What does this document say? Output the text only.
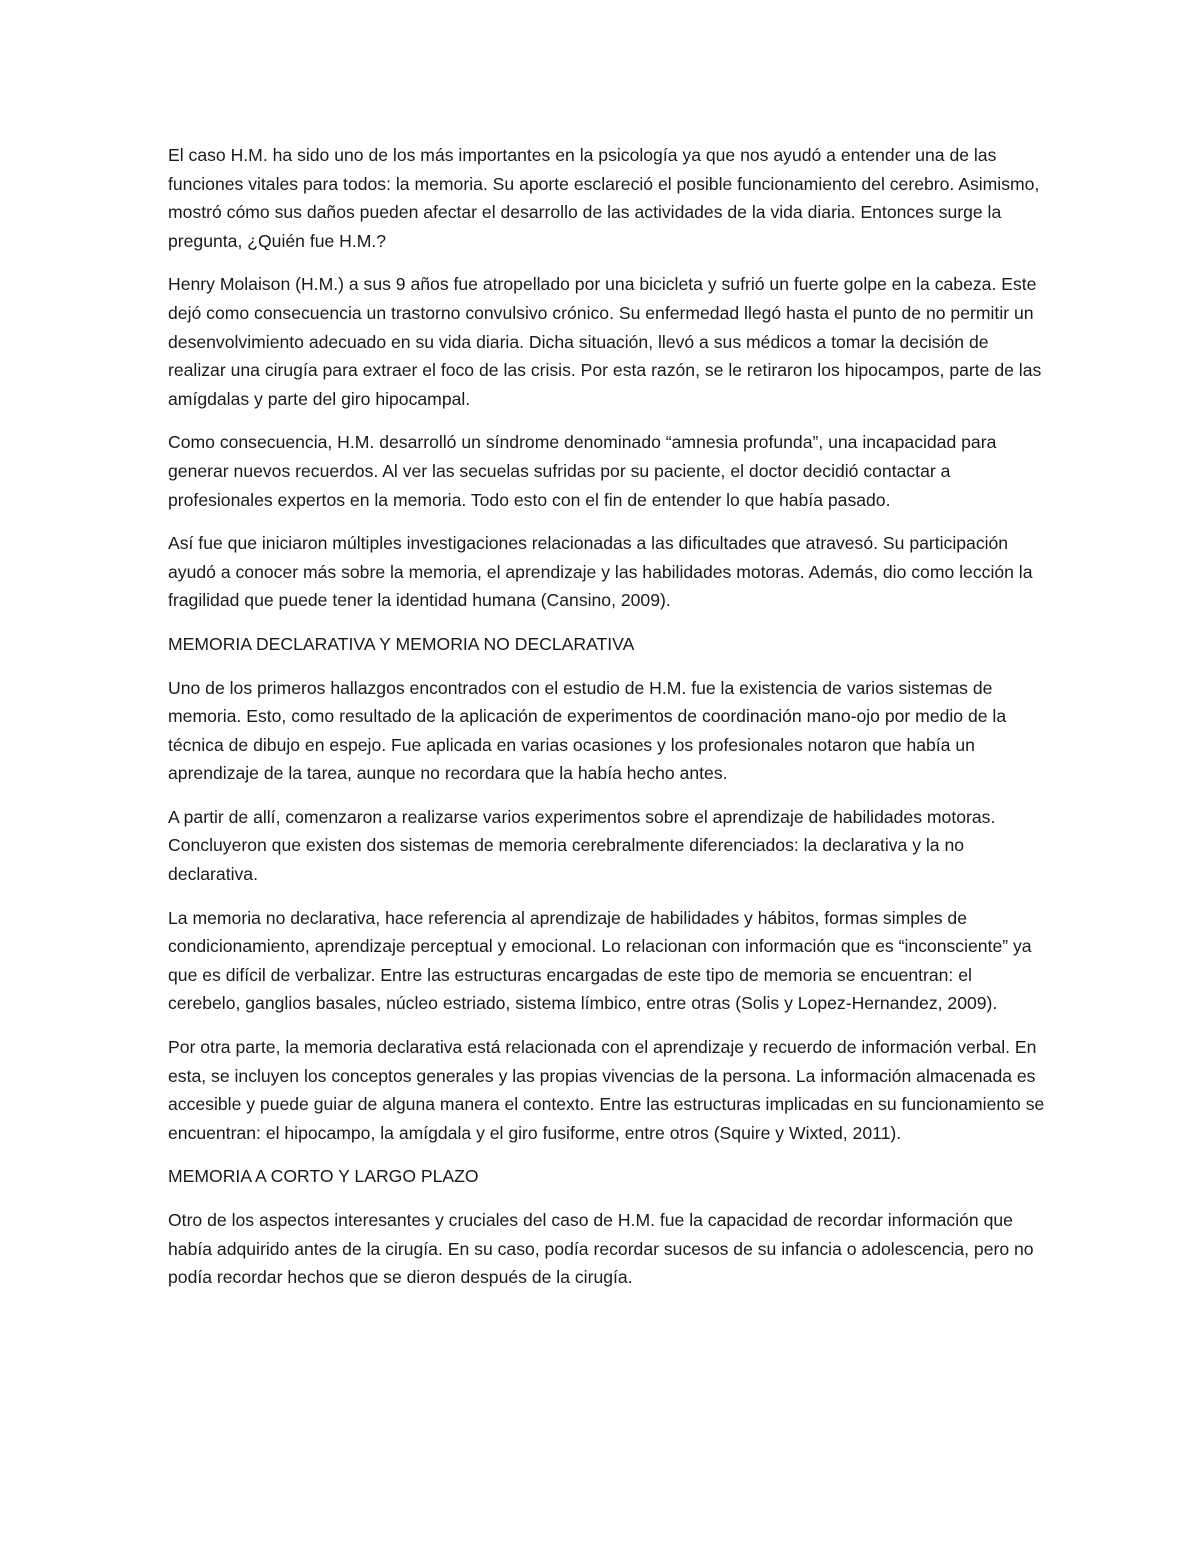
El caso H.M. ha sido uno de los más importantes en la psicología ya que nos ayudó a entender una de las funciones vitales para todos: la memoria. Su aporte esclareció el posible funcionamiento del cerebro. Asimismo, mostró cómo sus daños pueden afectar el desarrollo de las actividades de la vida diaria. Entonces surge la pregunta, ¿Quién fue H.M.?

Henry Molaison (H.M.) a sus 9 años fue atropellado por una bicicleta y sufrió un fuerte golpe en la cabeza. Este dejó como consecuencia un trastorno convulsivo crónico. Su enfermedad llegó hasta el punto de no permitir un desenvolvimiento adecuado en su vida diaria. Dicha situación, llevó a sus médicos a tomar la decisión de realizar una cirugía para extraer el foco de las crisis. Por esta razón, se le retiraron los hipocampos, parte de las amígdalas y parte del giro hipocampal.

Como consecuencia, H.M. desarrolló un síndrome denominado “amnesia profunda”, una incapacidad para generar nuevos recuerdos. Al ver las secuelas sufridas por su paciente, el doctor decidió contactar a profesionales expertos en la memoria. Todo esto con el fin de entender lo que había pasado.

Así fue que iniciaron múltiples investigaciones relacionadas a las dificultades que atravesó. Su participación ayudó a conocer más sobre la memoria, el aprendizaje y las habilidades motoras. Además, dio como lección la fragilidad que puede tener la identidad humana (Cansino, 2009).

MEMORIA DECLARATIVA Y MEMORIA NO DECLARATIVA

Uno de los primeros hallazgos encontrados con el estudio de H.M. fue la existencia de varios sistemas de memoria. Esto, como resultado de la aplicación de experimentos de coordinación mano-ojo por medio de la técnica de dibujo en espejo. Fue aplicada en varias ocasiones y los profesionales notaron que había un aprendizaje de la tarea, aunque no recordara que la había hecho antes.

A partir de allí, comenzaron a realizarse varios experimentos sobre el aprendizaje de habilidades motoras. Concluyeron que existen dos sistemas de memoria cerebralmente diferenciados: la declarativa y la no declarativa.

La memoria no declarativa, hace referencia al aprendizaje de habilidades y hábitos, formas simples de condicionamiento, aprendizaje perceptual y emocional. Lo relacionan con información que es “inconsciente” ya que es difícil de verbalizar. Entre las estructuras encargadas de este tipo de memoria se encuentran: el cerebelo, ganglios basales, núcleo estriado, sistema límbico, entre otras (Solis y Lopez-Hernandez, 2009).

Por otra parte, la memoria declarativa está relacionada con el aprendizaje y recuerdo de información verbal. En esta, se incluyen los conceptos generales y las propias vivencias de la persona. La información almacenada es accesible y puede guiar de alguna manera el contexto. Entre las estructuras implicadas en su funcionamiento se encuentran: el hipocampo, la amígdala y el giro fusiforme, entre otros (Squire y Wixted, 2011).

MEMORIA A CORTO Y LARGO PLAZO

Otro de los aspectos interesantes y cruciales del caso de H.M. fue la capacidad de recordar información que había adquirido antes de la cirugía. En su caso, podía recordar sucesos de su infancia o adolescencia, pero no podía recordar hechos que se dieron después de la cirugía.
